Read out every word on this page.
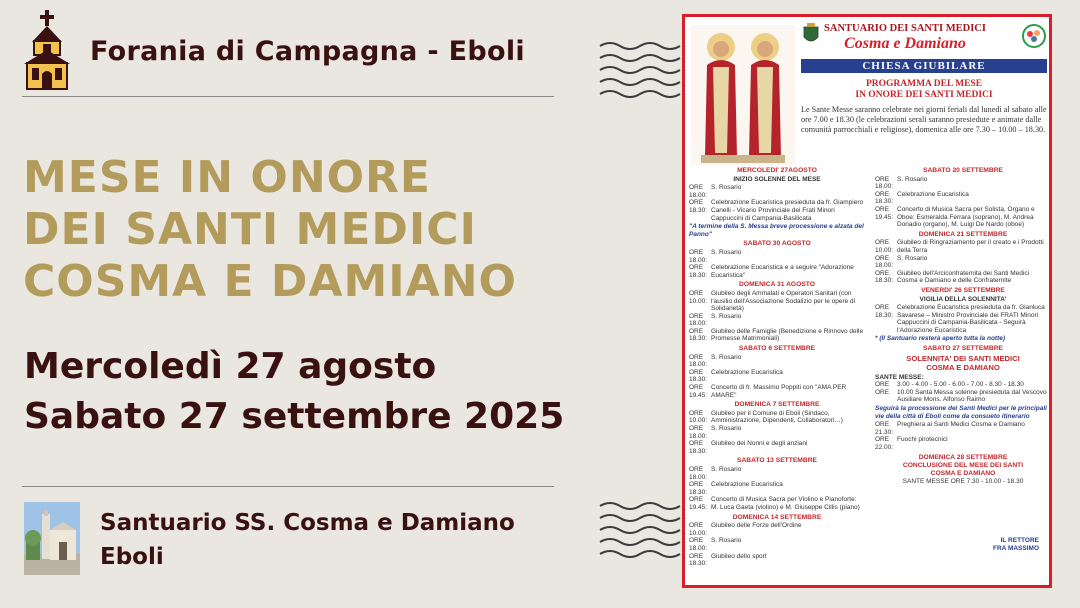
Forania di Campagna - Eboli
MESE IN ONORE
DEI SANTI MEDICI
COSMA E DAMIANO
Mercoledì 27 agosto
Sabato 27 settembre 2025
Santuario SS. Cosma e Damiano
Eboli
SANTUARIO DEI SANTI MEDICI
Cosma e Damiano
CHIESA GIUBILARE
PROGRAMMA DEL MESE
IN ONORE DEI SANTI MEDICI
Le Sante Messe saranno celebrate nei giorni feriali dal lunedì al sabato alle ore 7.00 e 18.30 (le celebrazioni serali saranno presiedute e animate dalle comunità parrocchiali e religiose), domenica alle ore 7.30 – 10.00 – 18.30.
MERCOLEDI' 27AGOSTO
INIZIO SOLENNE DEL MESE
ORE 18.00:
S. Rosario
ORE 18.30:
Celebrazione Eucaristica presieduta da fr. Giampiero Canelli - Vicario Provinciale dei Frati Minori Cappuccini di Campania-Basilicata
"A termine della S. Messa breve processione e alzata del Panno"
SABATO 30 AGOSTO
ORE 18.00:
S. Rosario
ORE 18.30:
Celebrazione Eucaristica e a seguire "Adorazione Eucaristica"
DOMENICA 31 AGOSTO
ORE 10.00:
Giubileo degli Ammalati e Operatori Sanitari (con l'ausilio dell'Associazione Sodalizio per le opere di Solidarietà)
ORE 18.00:
S. Rosario
ORE 18.30:
Giubileo delle Famiglie (Benedizione e Rinnovo delle Promesse Matrimoniali)
SABATO 6 SETTEMBRE
ORE 18.00:
S. Rosario
ORE 18.30:
Celebrazione Eucaristica
ORE 19.45:
Concerto di fr. Massimo Poppiti con "AMA PER AMARE"
DOMENICA 7 SETTEMBRE
ORE 10.00:
Giubileo per il Comune di Eboli (Sindaco, Amministrazione, Dipendenti, Collaboratori…)
ORE 18.00:
S. Rosario
ORE 18.30:
Giubileo dei Nonni e degli anziani
SABATO 13 SETTEMBRE
ORE 18.00:
S. Rosario
ORE 18.30:
Celebrazione Eucaristica
ORE 19.45:
Concerto di Musica Sacra per Violino e Pianoforte: M. Luca Gaeta (violino) e M. Giuseppe Cillis (piano)
DOMENICA 14 SETTEMBRE
ORE 10.00:
Giubileo delle Forze dell'Ordine
ORE 18.00:
S. Rosario
ORE 18.30:
Giubileo dello sport
SABATO 20 SETTEMBRE
ORE 18.00:
S. Rosario
ORE 18.30:
Celebrazione Eucaristica
ORE 19.45:
Concerto di Musica Sacra per Solista, Organo e Oboe: Esmeralda Ferrara (soprano), M. Andrea Donadio (organo), M. Luigi De Nardo (oboe)
DOMENICA 21 SETTEMBRE
ORE 10.00:
Giubileo di Ringraziamento per il creato e i Prodotti della Terra
ORE 18.00:
S. Rosario
ORE 18.30:
Giubileo dell'Arciconfraternita dei Santi Medici Cosma e Damiano e delle Confraternite
VENERDI' 26 SETTEMBRE
VIGILIA DELLA SOLENNITA'
ORE 18.30:
Celebrazione Eucaristica presieduta da fr. Gianluca Savarese – Ministro Provinciale dei FRATI Minori Cappuccini di Campania-Basilicata - Seguirà l'Adorazione Eucaristica
* (Il Santuario resterà aperto tutta la notte)
SABATO 27 SETTEMBRE
SOLENNITA' DEI SANTI MEDICI
COSMA E DAMIANO
SANTE MESSE:
ORE	3.00 - 4.00 - 5.00 - 6.00 - 7.00 - 8.30 - 18.30
ORE	10.00 Santa Messa solenne presieduta dal Vescovo Ausiliare Mons. Alfonso Raimo
Seguirà la processione dei Santi Medici per le principali vie della città di Eboli come da consueto itinerario
ORE 21.30:
Preghiera ai Santi Medici Cosma e Damiano
ORE 22.00:
Fuochi pirotecnici
DOMENICA 28 SETTEMBRE
CONCLUSIONE DEL MESE DEI SANTI
COSMA E DAMIANO
SANTE MESSE ORE 7.30 - 10.00 - 18.30
IL RETTORE
FRA MASSIMO
